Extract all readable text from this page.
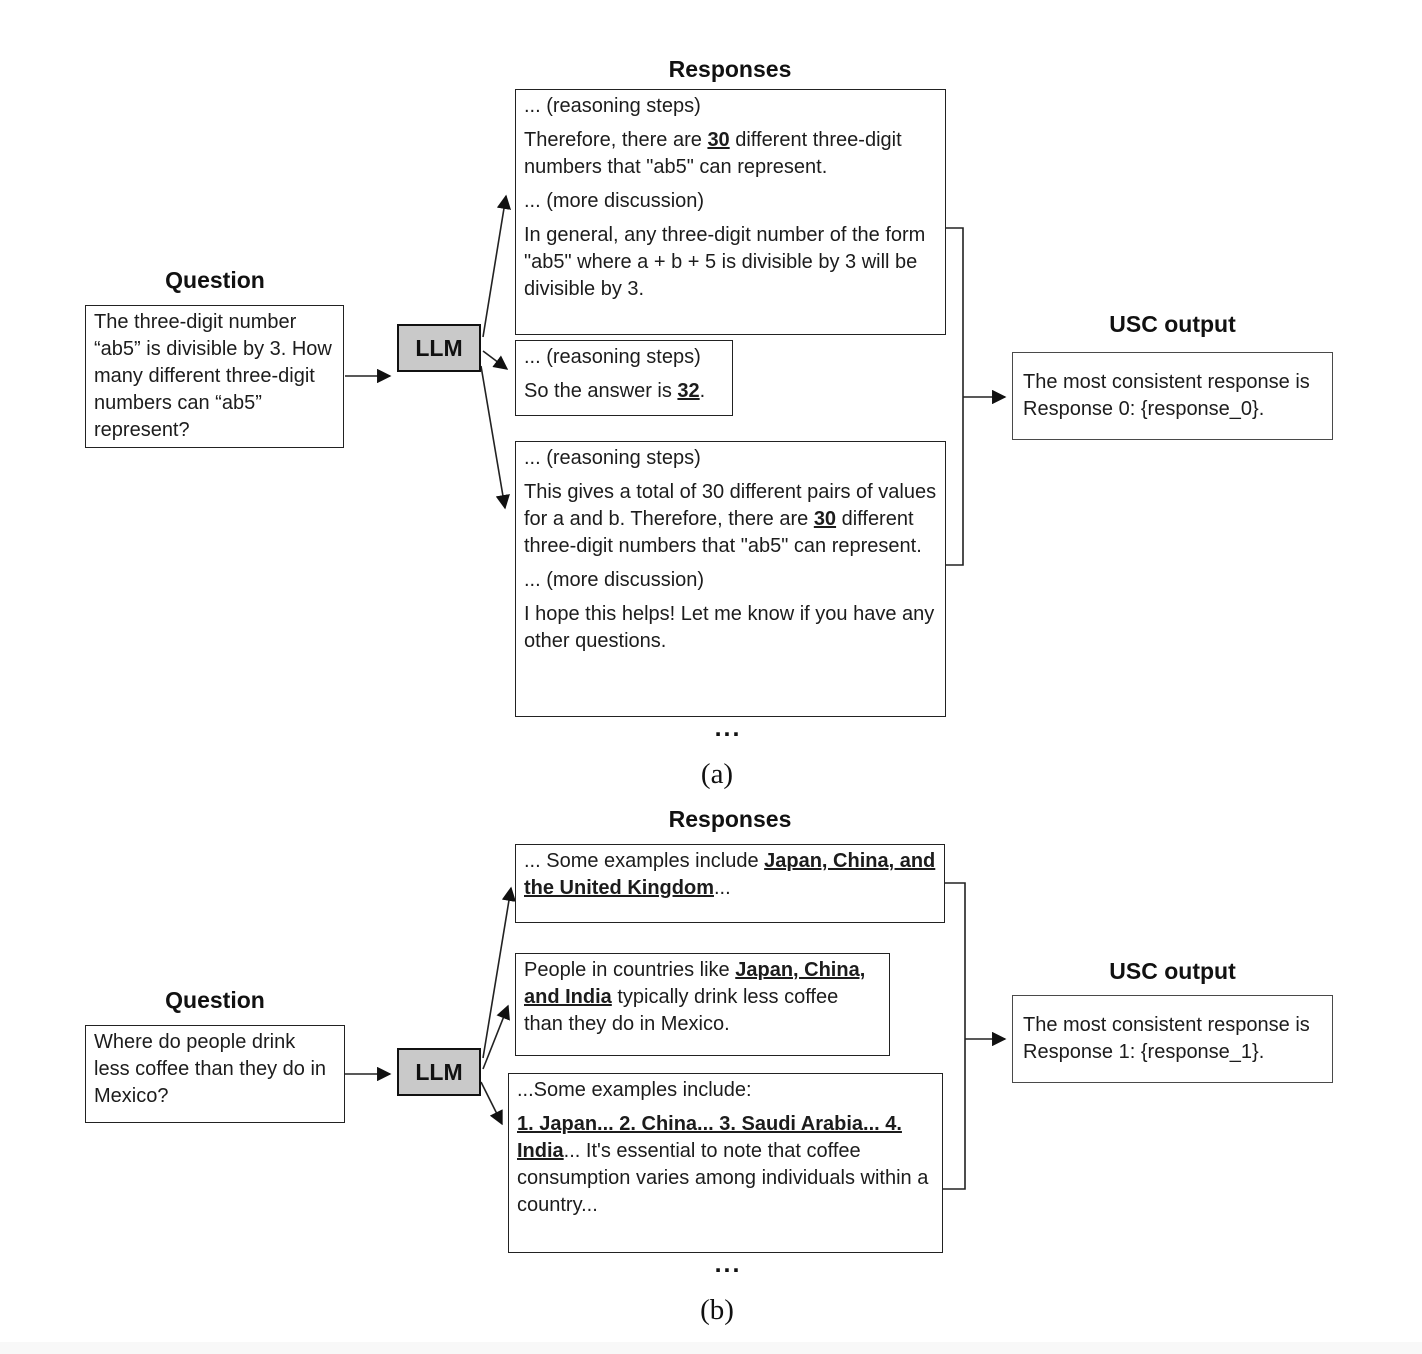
Responses
Question
The three-digit number “ab5” is divisible by 3. How many different three-digit numbers can “ab5” represent?
LLM
... (reasoning steps)
Therefore, there are 30 different three-digit numbers that "ab5" can represent.
... (more discussion)
In general, any three-digit number of the form "ab5" where a + b + 5 is divisible by 3 will be divisible by 3.
... (reasoning steps)
So the answer is 32.
... (reasoning steps)
This gives a total of 30 different pairs of values for a and b. Therefore, there are 30 different three-digit numbers that "ab5" can represent.
... (more discussion)
I hope this helps! Let me know if you have any other questions.
...
USC output
The most consistent response is Response 0: {response_0}.
(a)
Responses
Question
Where do people drink less coffee than they do in Mexico?
LLM
... Some examples include Japan, China, and the United Kingdom...
People in countries like Japan, China, and India typically drink less coffee than they do in Mexico.
...Some examples include:
1. Japan... 2. China... 3. Saudi Arabia... 4. India... It's essential to note that coffee consumption varies among individuals within a country...
...
USC output
The most consistent response is Response 1: {response_1}.
(b)
